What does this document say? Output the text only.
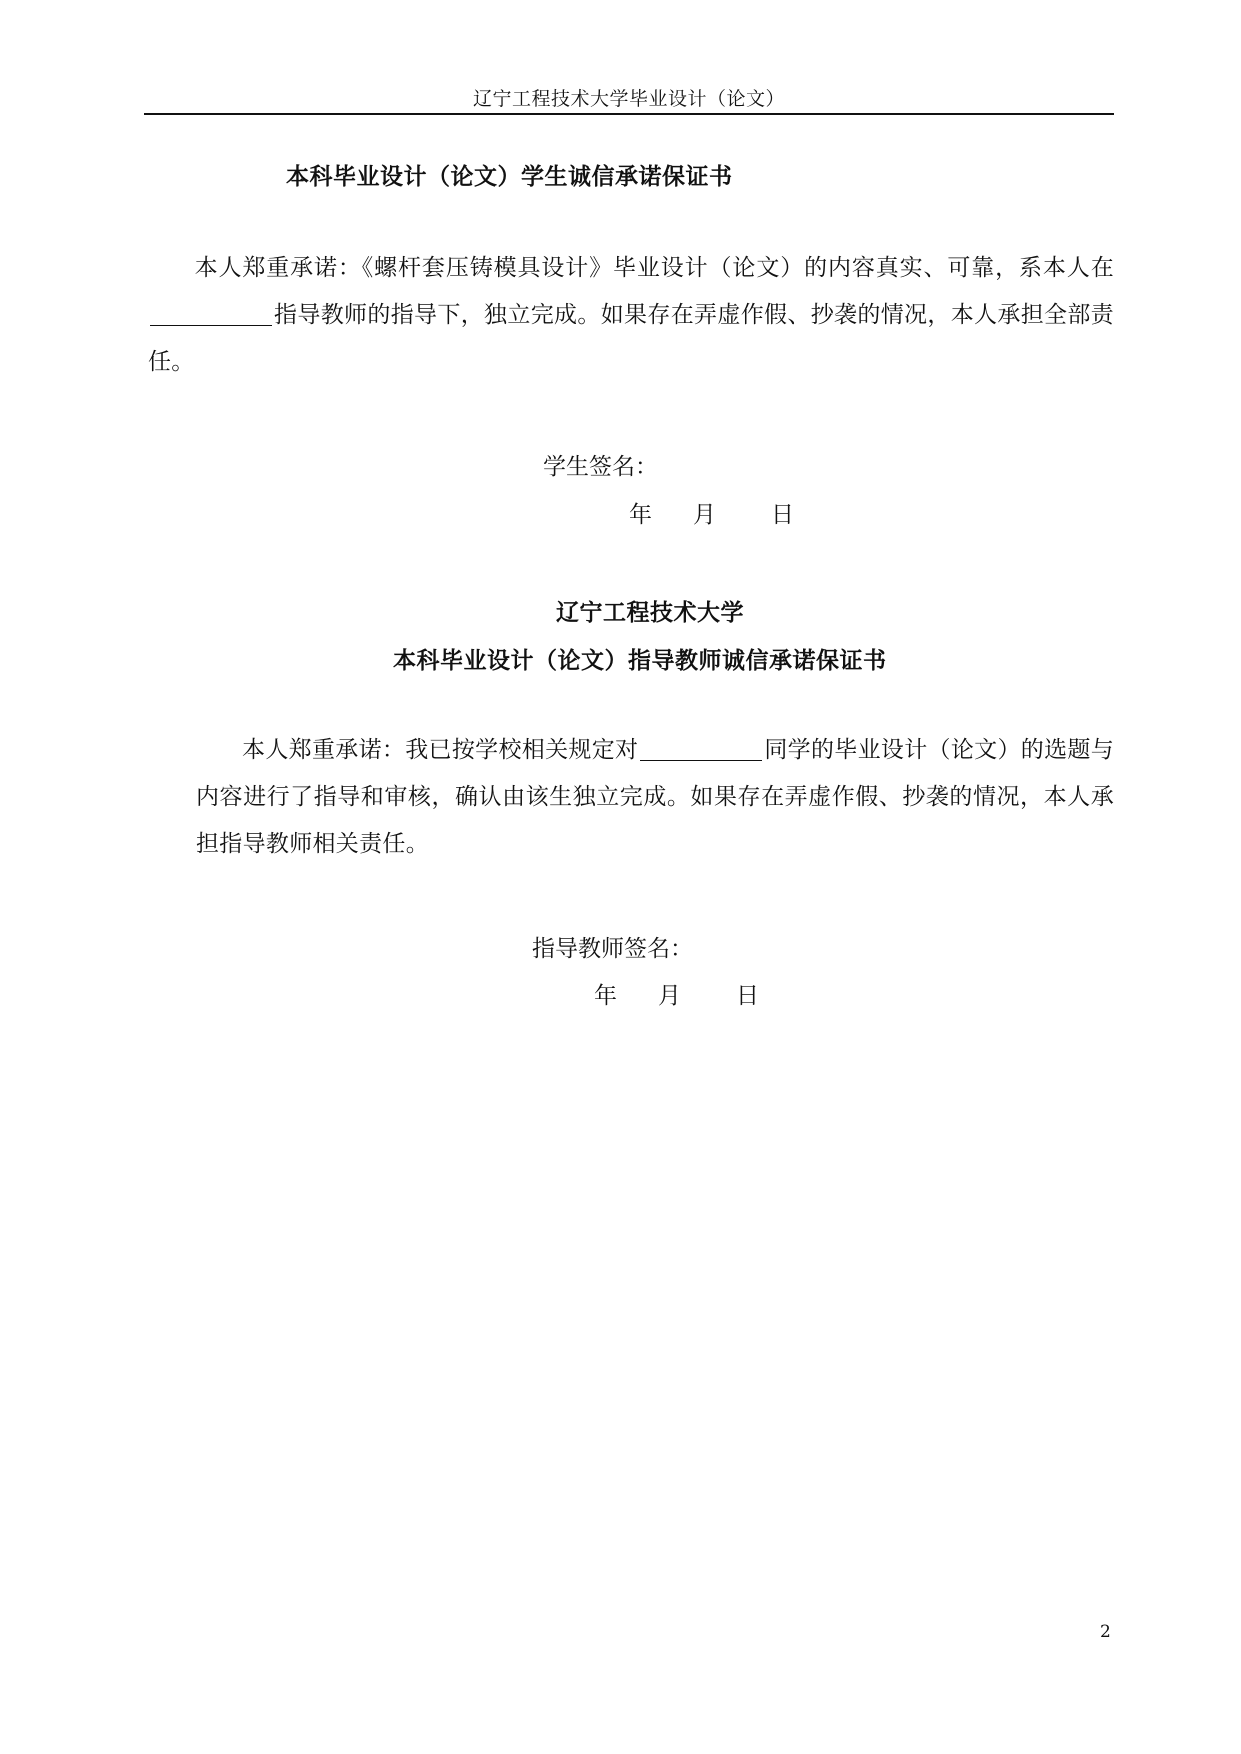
辽宁工程技术大学毕业设计（论文）
本科毕业设计（论文）学生诚信承诺保证书
本人郑重承诺：《螺杆套压铸模具设计》毕业设计（论文）的内容真实、可靠，系本人在指导教师的指导下，独立完成。如果存在弄虚作假、抄袭的情况，本人承担全部责任。
学生签名：
年 月 日
辽宁工程技术大学
本科毕业设计（论文）指导教师诚信承诺保证书
本人郑重承诺：我已按学校相关规定对	同学的毕业设计（论文）的选题与内容进行了指导和审核，确认由该生独立完成。如果存在弄虚作假、抄袭的情况，本人承担指导教师相关责任。
指导教师签名：
年 月 日
2
